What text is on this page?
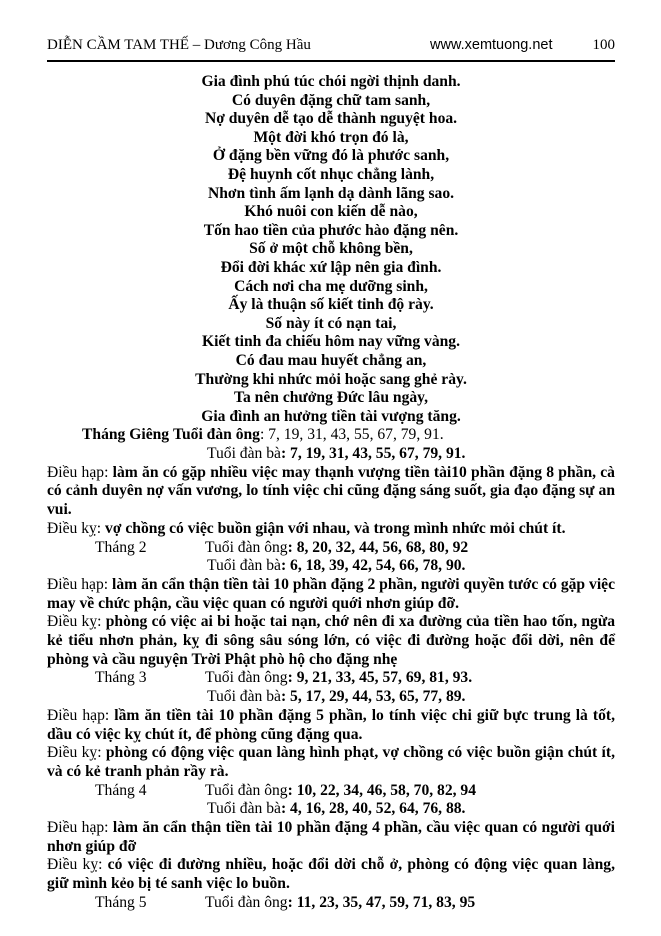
DIỄN CẦM TAM THẾ – Dương Công Hầu	www.xemtuong.net	100
Gia đình phú túc chói ngời thịnh danh.
Có duyên đặng chữ tam sanh,
Nợ duyên dễ tạo dễ thành nguyệt hoa.
Một đời khó trọn đó là,
Ở đặng bền vững đó là phước sanh,
Đệ huynh cốt nhục chẳng lành,
Nhơn tình ấm lạnh dạ dành lãng sao.
Khó nuôi con kiến dễ nào,
Tốn hao tiền của phước hào đặng nên.
Số ở một chỗ không bền,
Đổi đời khác xứ lập nên gia đình.
Cách nơi cha mẹ dưỡng sinh,
Ấy là thuận số kiết tinh độ rày.
Số này ít có nạn tai,
Kiết tinh đa chiếu hôm nay vững vàng.
Có đau mau huyết chẳng an,
Thường khi nhức mỏi hoặc sang ghẻ rày.
Ta nên chưởng Đức lâu ngày,
Gia đình an hưởng tiền tài vượng tăng.
Tháng Giêng Tuổi đàn ông: 7, 19, 31, 43, 55, 67, 79, 91.
Tuổi đàn bà: 7, 19, 31, 43, 55, 67, 79, 91.
Điều hạp: làm ăn có gặp nhiều việc may thạnh vượng tiền tài10 phần đặng 8 phần, cà có cảnh duyên nợ vấn vương, lo tính việc chi cũng đặng sáng suốt, gia đạo đặng sự an vui.
Điều kỵ: vợ chồng có việc buồn giận với nhau, và trong mình nhức mỏi chút ít.
Tháng 2	Tuổi đàn ông: 8, 20, 32, 44, 56, 68, 80, 92
Tuổi đàn bà: 6, 18, 39, 42, 54, 66, 78, 90.
Điều hạp: làm ăn cẩn thận tiền tài 10 phần đặng 2 phần, người quyền tước có gặp việc may về chức phận, cầu việc quan có người quới nhơn giúp đỡ.
Điều kỵ: phòng có việc ai bi hoặc tai nạn, chớ nên đi xa đường của tiền hao tốn, ngừa kẻ tiểu nhơn phản, kỵ đi sông sâu sóng lớn, có việc đi đường hoặc đổi dời, nên để phòng và cầu nguyện Trời Phật phò hộ cho đặng nhẹ
Tháng 3	Tuổi đàn ông: 9, 21, 33, 45, 57, 69, 81, 93.
Tuổi đàn bà: 5, 17, 29, 44, 53, 65, 77, 89.
Điều hạp: lầm ăn tiền tài 10 phần đặng 5 phần, lo tính việc chi giữ bực trung là tốt, dầu có việc kỵ chút ít, để phòng cũng đặng qua.
Điều kỵ: phòng có động việc quan làng hình phạt, vợ chồng có việc buồn giận chút ít, và có kẻ tranh phản rầy rà.
Tháng 4	Tuổi đàn ông: 10, 22, 34, 46, 58, 70, 82, 94
Tuổi đàn bà: 4, 16, 28, 40, 52, 64, 76, 88.
Điều hạp: làm ăn cẩn thận tiền tài 10 phần đặng 4 phần, cầu việc quan có người quới nhơn giúp đỡ
Điều kỵ: có việc đi đường nhiều, hoặc đổi dời chỗ ở, phòng có động việc quan làng, giữ mình kẻo bị té sanh việc lo buồn.
Tháng 5	Tuổi đàn ông: 11, 23, 35, 47, 59, 71, 83, 95
